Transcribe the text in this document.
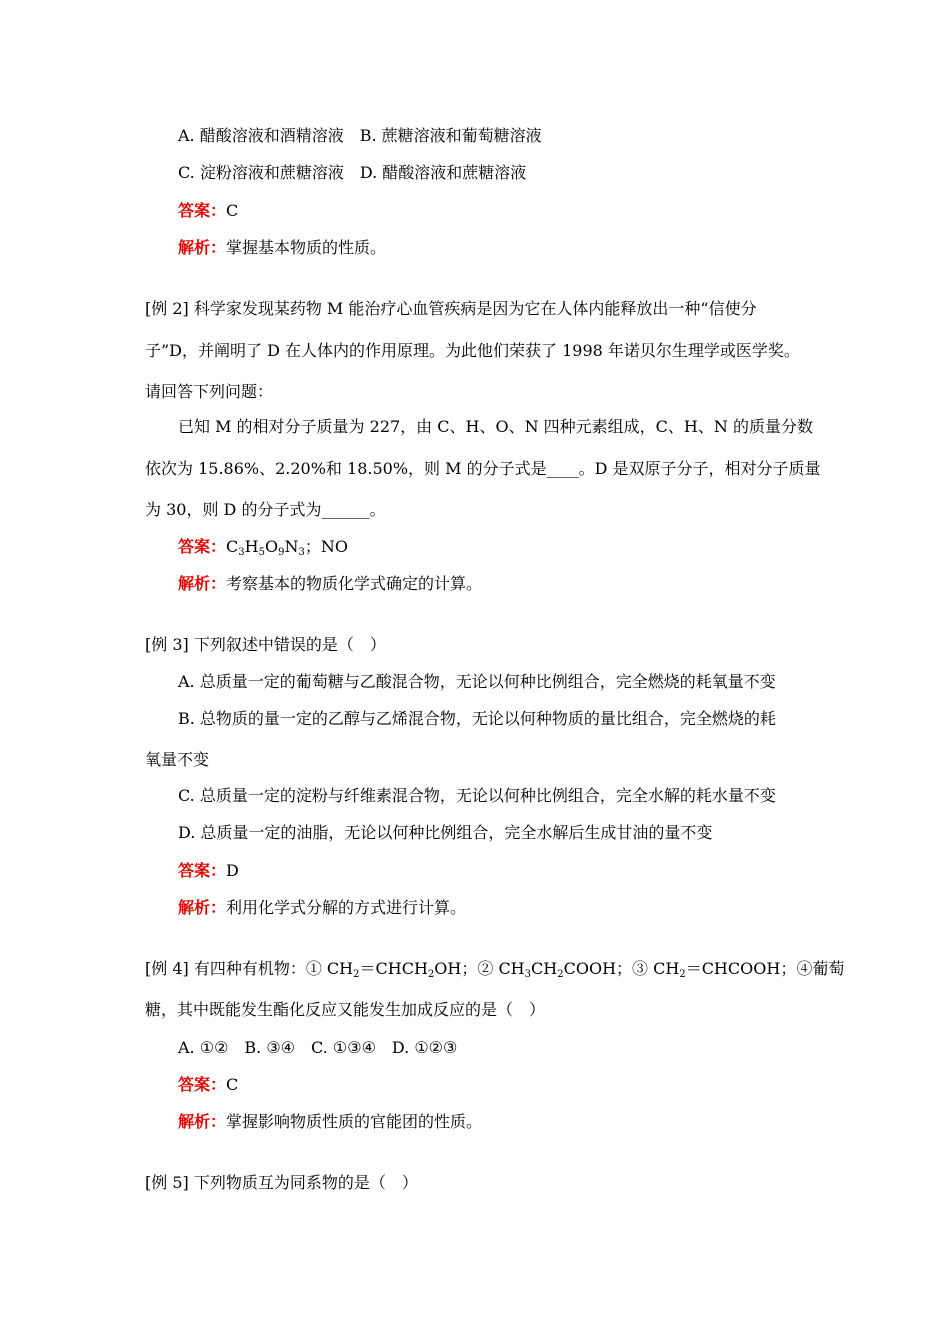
A. 醋酸溶液和酒精溶液 B. 蔗糖溶液和葡萄糖溶液
C. 淀粉溶液和蔗糖溶液 D. 醋酸溶液和蔗糖溶液
答案：C
解析：掌握基本物质的性质。
[例 2] 科学家发现某药物 M 能治疗心血管疾病是因为它在人体内能释放出一种“信使分
子”D，并阐明了 D 在人体内的作用原理。为此他们荣获了 1998 年诺贝尔生理学或医学奖。
请回答下列问题：
已知 M 的相对分子质量为 227，由 C、H、O、N 四种元素组成，C、H、N 的质量分数
依次为 15.86%、2.20%和 18.50%，则 M 的分子式是____。D 是双原子分子，相对分子质量
为 30，则 D 的分子式为______。
答案：$C_3H_5O_9N_3$；NO
解析：考察基本的物质化学式确定的计算。
[例 3] 下列叙述中错误的是（　）
A. 总质量一定的葡萄糖与乙酸混合物，无论以何种比例组合，完全燃烧的耗氧量不变
B. 总物质的量一定的乙醇与乙烯混合物，无论以何种物质的量比组合，完全燃烧的耗
氧量不变
C. 总质量一定的淀粉与纤维素混合物，无论以何种比例组合，完全水解的耗水量不变
D. 总质量一定的油脂，无论以何种比例组合，完全水解后生成甘油的量不变
答案：D
解析：利用化学式分解的方式进行计算。
[例 4] 有四种有机物：① $CH_2=CHCH_2OH$；② $CH_3CH_2COOH$；③ $CH_2=CHCOOH$；④葡萄
糖，其中既能发生酯化反应又能发生加成反应的是（　）
A. ①②　B. ③④　C. ①③④　D. ①②③
答案：C
解析：掌握影响物质性质的官能团的性质。
[例 5] 下列物质互为同系物的是（　）
